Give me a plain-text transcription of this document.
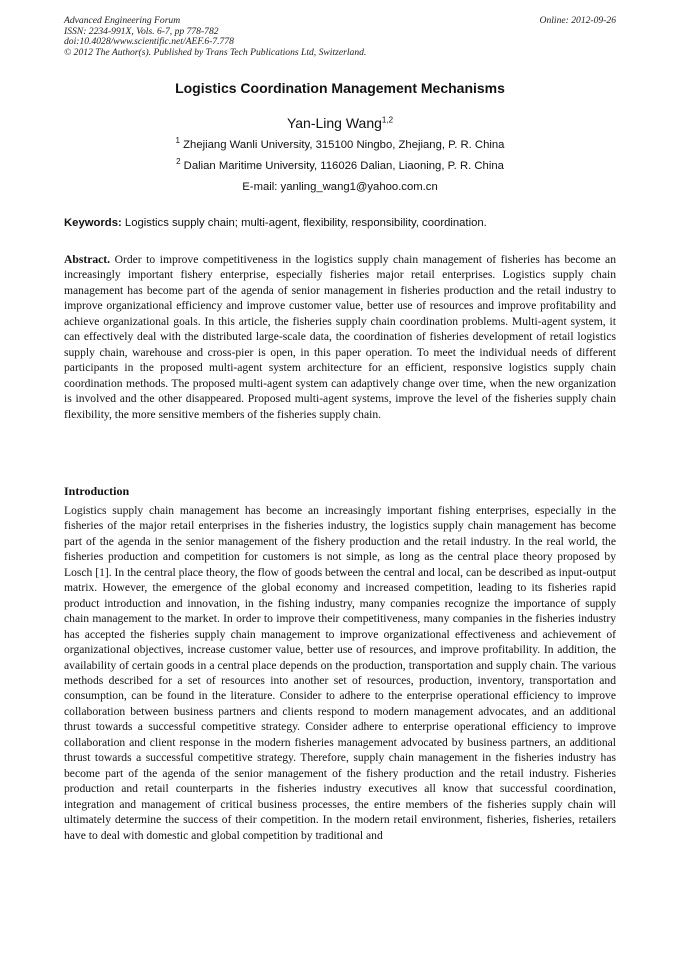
Advanced Engineering Forum	Online: 2012-09-26
ISSN: 2234-991X, Vols. 6-7, pp 778-782
doi:10.4028/www.scientific.net/AEF.6-7.778
© 2012 The Author(s). Published by Trans Tech Publications Ltd, Switzerland.
Logistics Coordination Management Mechanisms
Yan-Ling Wang$^{1,2}$
$^1$ Zhejiang Wanli University, 315100 Ningbo, Zhejiang, P. R. China
$^2$ Dalian Maritime University, 116026 Dalian, Liaoning, P. R. China
E-mail: yanling_wang1@yahoo.com.cn
Keywords: Logistics supply chain; multi-agent, flexibility, responsibility, coordination.
Abstract. Order to improve competitiveness in the logistics supply chain management of fisheries has become an increasingly important fishery enterprise, especially fisheries major retail enterprises. Logistics supply chain management has become part of the agenda of senior management in fisheries production and the retail industry to improve organizational efficiency and improve customer value, better use of resources and improve profitability and achieve organizational goals. In this article, the fisheries supply chain coordination problems. Multi-agent system, it can effectively deal with the distributed large-scale data, the coordination of fisheries development of retail logistics supply chain, warehouse and cross-pier is open, in this paper operation. To meet the individual needs of different participants in the proposed multi-agent system architecture for an efficient, responsive logistics supply chain coordination methods. The proposed multi-agent system can adaptively change over time, when the new organization is involved and the other disappeared. Proposed multi-agent systems, improve the level of the fisheries supply chain flexibility, the more sensitive members of the fisheries supply chain.
Introduction
Logistics supply chain management has become an increasingly important fishing enterprises, especially in the fisheries of the major retail enterprises in the fisheries industry, the logistics supply chain management has become part of the agenda in the senior management of the fishery production and the retail industry. In the real world, the fisheries production and competition for customers is not simple, as long as the central place theory proposed by Losch [1]. In the central place theory, the flow of goods between the central and local, can be described as input-output matrix. However, the emergence of the global economy and increased competition, leading to its fisheries rapid product introduction and innovation, in the fishing industry, many companies recognize the importance of supply chain management to the market. In order to improve their competitiveness, many companies in the fisheries industry has accepted the fisheries supply chain management to improve organizational effectiveness and achievement of organizational objectives, increase customer value, better use of resources, and improve profitability. In addition, the availability of certain goods in a central place depends on the production, transportation and supply chain. The various methods described for a set of resources into another set of resources, production, inventory, transportation and consumption, can be found in the literature. Consider to adhere to the enterprise operational efficiency to improve collaboration between business partners and clients respond to modern management advocates, and an additional thrust towards a successful competitive strategy. Consider adhere to enterprise operational efficiency to improve collaboration and client response in the modern fisheries management advocated by business partners, an additional thrust towards a successful competitive strategy. Therefore, supply chain management in the fisheries industry has become part of the agenda of the senior management of the fishery production and the retail industry. Fisheries production and retail counterparts in the fisheries industry executives all know that successful coordination, integration and management of critical business processes, the entire members of the fisheries supply chain will ultimately determine the success of their competition. In the modern retail environment, fisheries, fisheries, retailers have to deal with domestic and global competition by traditional and
